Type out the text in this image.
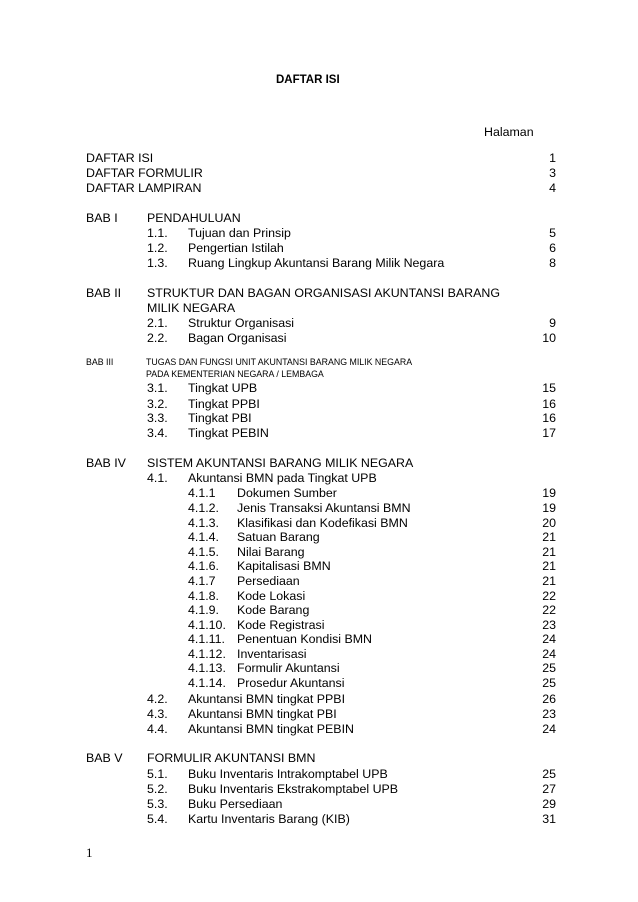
DAFTAR ISI
Halaman
DAFTAR ISI	1
DAFTAR FORMULIR	3
DAFTAR LAMPIRAN	4
BAB I PENDAHULUAN
1.1. Tujuan dan Prinsip	5
1.2. Pengertian Istilah	6
1.3. Ruang Lingkup Akuntansi Barang Milik Negara	8
BAB II STRUKTUR DAN BAGAN ORGANISASI AKUNTANSI BARANG
MILIK NEGARA
2.1. Struktur Organisasi	9
2.2. Bagan Organisasi	10
BAB III	TUGAS DAN FUNGSI UNIT AKUNTANSI BARANG MILIK NEGARA
PADA KEMENTERIAN NEGARA / LEMBAGA
3.1. Tingkat UPB	15
3.2. Tingkat PPBI	16
3.3. Tingkat PBI	16
3.4. Tingkat PEBIN	17
BAB IV SISTEM AKUNTANSI BARANG MILIK NEGARA
4.1. Akuntansi BMN pada Tingkat UPB
4.1.1 Dokumen Sumber	19
4.1.2. Jenis Transaksi Akuntansi BMN	19
4.1.3. Klasifikasi dan Kodefikasi BMN	20
4.1.4. Satuan Barang	21
4.1.5. Nilai Barang	21
4.1.6. Kapitalisasi BMN	21
4.1.7 Persediaan	21
4.1.8. Kode Lokasi	22
4.1.9. Kode Barang	22
4.1.10. Kode Registrasi	23
4.1.11. Penentuan Kondisi BMN	24
4.1.12. Inventarisasi	24
4.1.13. Formulir Akuntansi	25
4.1.14. Prosedur Akuntansi	25
4.2. Akuntansi BMN tingkat PPBI	26
4.3. Akuntansi BMN tingkat PBI	23
4.4. Akuntansi BMN tingkat PEBIN	24
BAB V FORMULIR AKUNTANSI BMN
5.1. Buku Inventaris Intrakomptabel UPB	25
5.2. Buku Inventaris Ekstrakomptabel UPB	27
5.3. Buku Persediaan	29
5.4. Kartu Inventaris Barang (KIB)	31
1
